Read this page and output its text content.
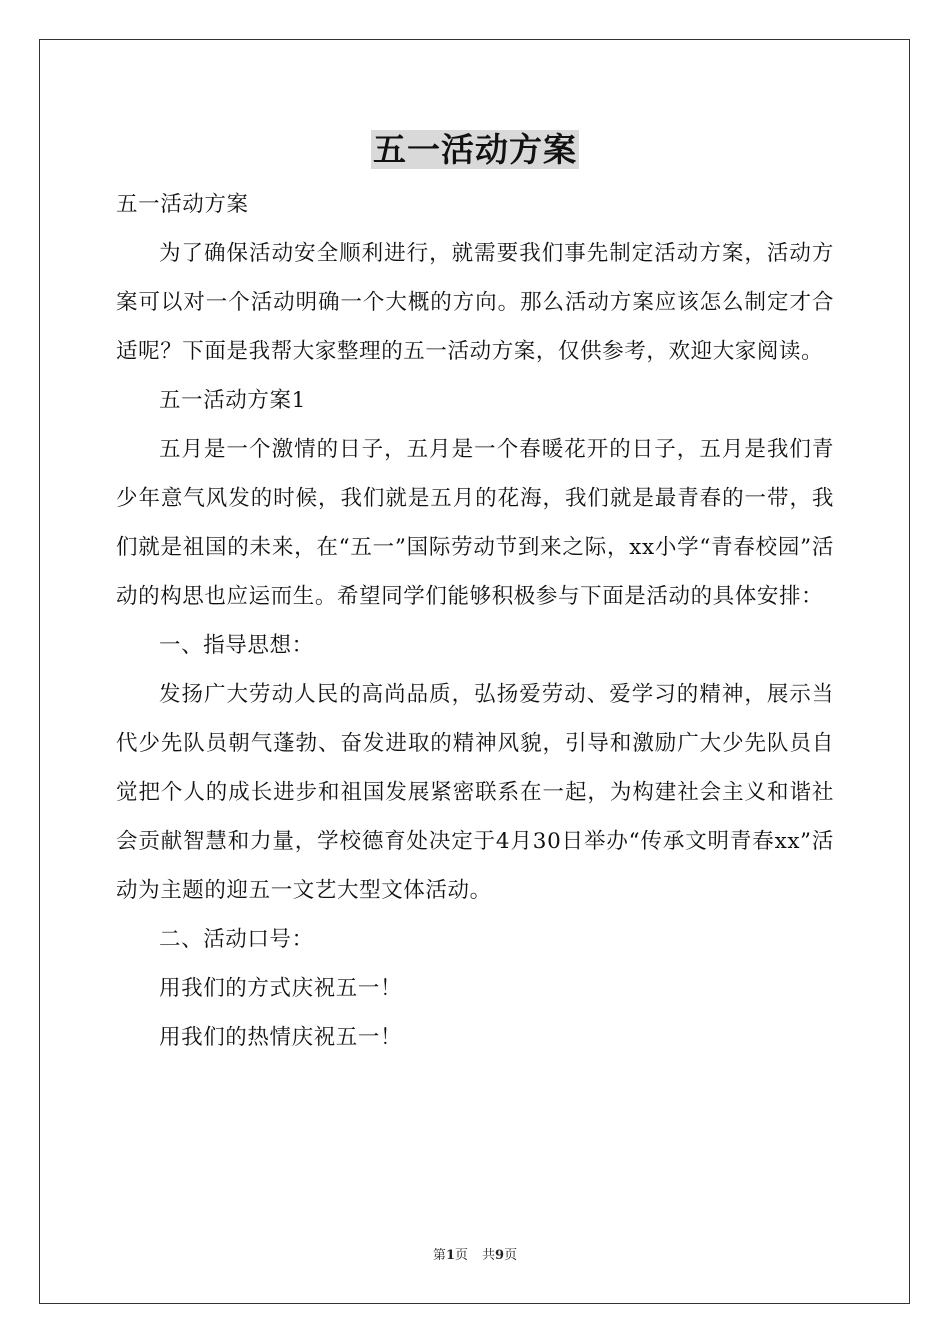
五一活动方案

五一活动方案

为了确保活动安全顺利进行，就需要我们事先制定活动方案，活动方案可以对一个活动明确一个大概的方向。那么活动方案应该怎么制定才合适呢？下面是我帮大家整理的五一活动方案，仅供参考，欢迎大家阅读。

五一活动方案1

五月是一个激情的日子，五月是一个春暖花开的日子，五月是我们青少年意气风发的时候，我们就是五月的花海，我们就是最青春的一带，我们就是祖国的未来，在“五一”国际劳动节到来之际，xx小学“青春校园”活动的构思也应运而生。希望同学们能够积极参与下面是活动的具体安排：

一、指导思想：

发扬广大劳动人民的高尚品质，弘扬爱劳动、爱学习的精神，展示当代少先队员朝气蓬勃、奋发进取的精神风貌，引导和激励广大少先队员自觉把个人的成长进步和祖国发展紧密联系在一起，为构建社会主义和谐社会贡献智慧和力量，学校德育处决定于4月30日举办“传承文明青春xx”活动为主题的迎五一文艺大型文体活动。

二、活动口号：

用我们的方式庆祝五一！

用我们的热情庆祝五一！

第1页 共9页
